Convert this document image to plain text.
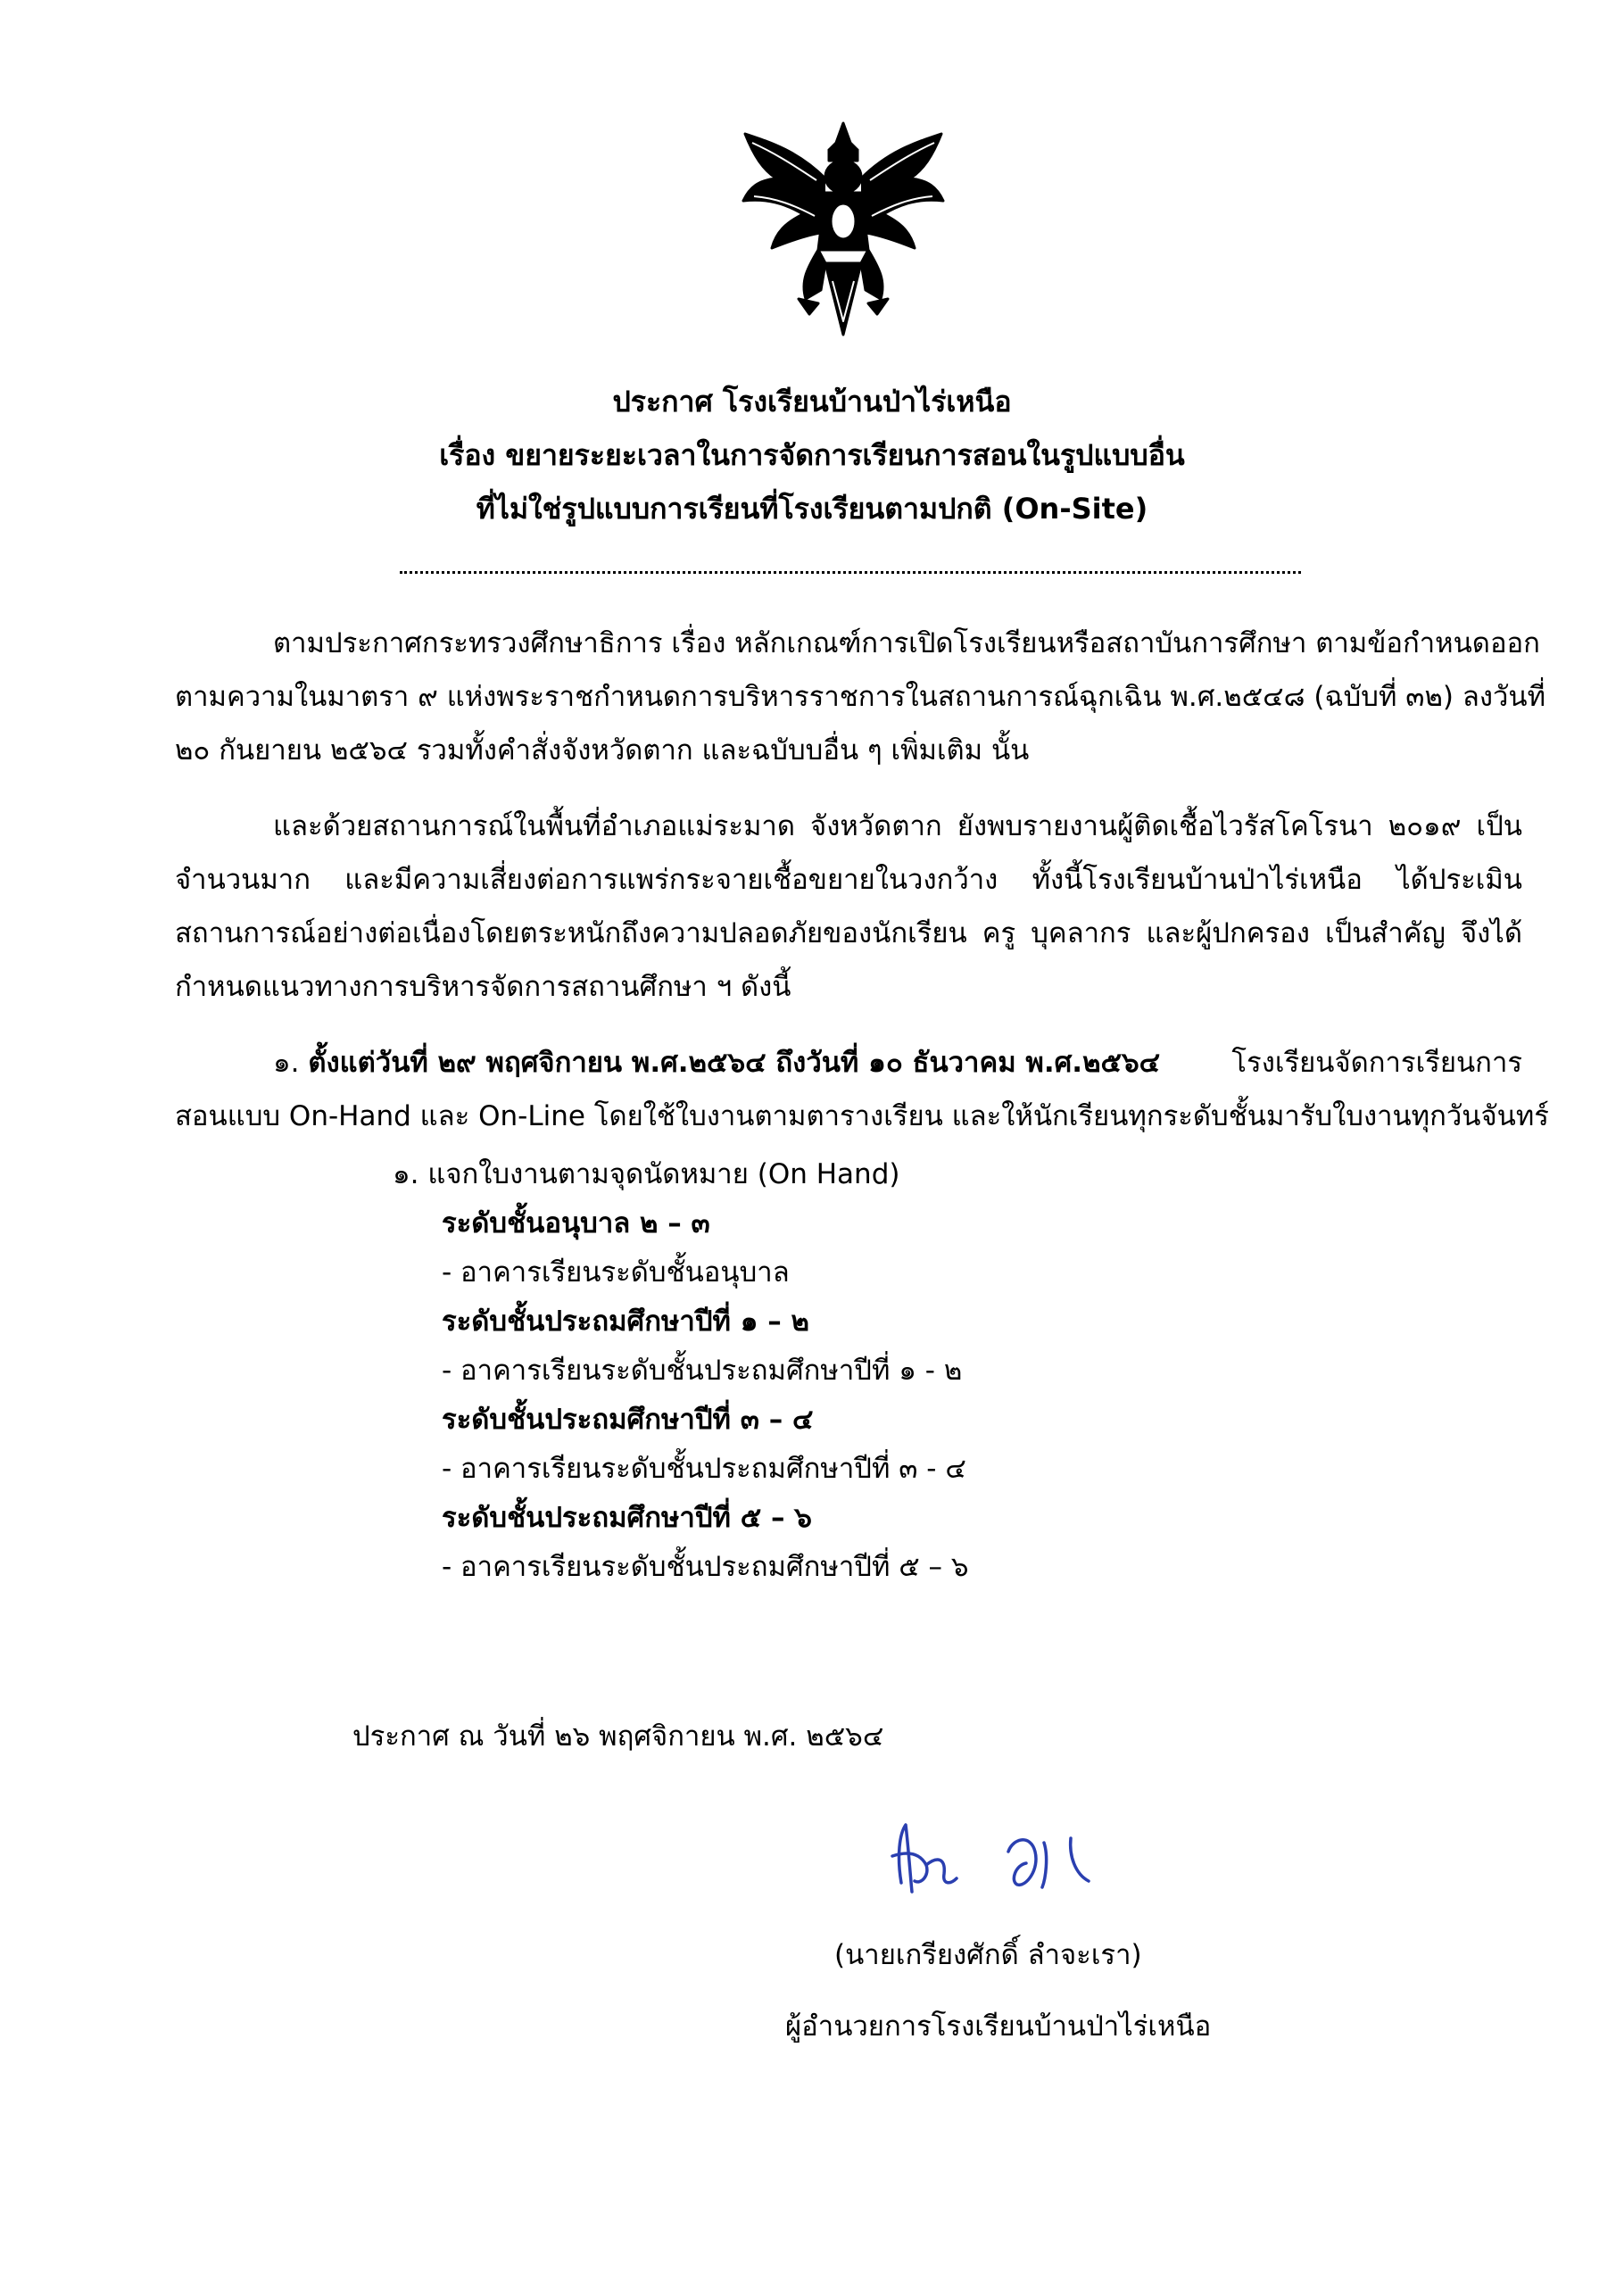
ประกาศ โรงเรียนบ้านป่าไร่เหนือ
เรื่อง ขยายระยะเวลาในการจัดการเรียนการสอนในรูปแบบอื่น
ที่ไม่ใช่รูปแบบการเรียนที่โรงเรียนตามปกติ (On-Site)
ตามประกาศกระทรวงศึกษาธิการ เรื่อง หลักเกณฑ์การเปิดโรงเรียนหรือสถาบันการศึกษา ตามข้อกำหนดออก
ตามความในมาตรา ๙ แห่งพระราชกำหนดการบริหารราชการในสถานการณ์ฉุกเฉิน พ.ศ.๒๕๔๘ (ฉบับที่ ๓๒) ลงวันที่
๒๐ กันยายน ๒๕๖๔ รวมทั้งคำสั่งจังหวัดตาก และฉบับบอื่น ๆ เพิ่มเติม นั้น
และด้วยสถานการณ์ในพื้นที่อำเภอแม่ระมาด จังหวัดตาก ยังพบรายงานผู้ติดเชื้อไวรัสโคโรนา ๒๐๑๙ เป็น
จำนวนมาก และมีความเสี่ยงต่อการแพร่กระจายเชื้อขยายในวงกว้าง ทั้งนี้โรงเรียนบ้านป่าไร่เหนือ ได้ประเมิน
สถานการณ์อย่างต่อเนื่องโดยตระหนักถึงความปลอดภัยของนักเรียน ครู บุคลากร และผู้ปกครอง เป็นสำคัญ จึงได้
กำหนดแนวทางการบริหารจัดการสถานศึกษา ฯ ดังนี้
๑. ตั้งแต่วันที่ ๒๙ พฤศจิกายน พ.ศ.๒๕๖๔ ถึงวันที่ ๑๐ ธันวาคม พ.ศ.๒๕๖๔	โรงเรียนจัดการเรียนการ
สอนแบบ On-Hand และ On-Line โดยใช้ใบงานตามตารางเรียน และให้นักเรียนทุกระดับชั้นมารับใบงานทุกวันจันทร์
๑. แจกใบงานตามจุดนัดหมาย (On Hand)
ระดับชั้นอนุบาล ๒ – ๓
- อาคารเรียนระดับชั้นอนุบาล
ระดับชั้นประถมศึกษาปีที่ ๑ – ๒
- อาคารเรียนระดับชั้นประถมศึกษาปีที่ ๑ - ๒
ระดับชั้นประถมศึกษาปีที่ ๓ – ๔
- อาคารเรียนระดับชั้นประถมศึกษาปีที่ ๓ - ๔
ระดับชั้นประถมศึกษาปีที่ ๕ – ๖
- อาคารเรียนระดับชั้นประถมศึกษาปีที่ ๕ – ๖
ประกาศ ณ วันที่ ๒๖ พฤศจิกายน พ.ศ. ๒๕๖๔
(นายเกรียงศักดิ์ ลำจะเรา)
ผู้อำนวยการโรงเรียนบ้านป่าไร่เหนือ
